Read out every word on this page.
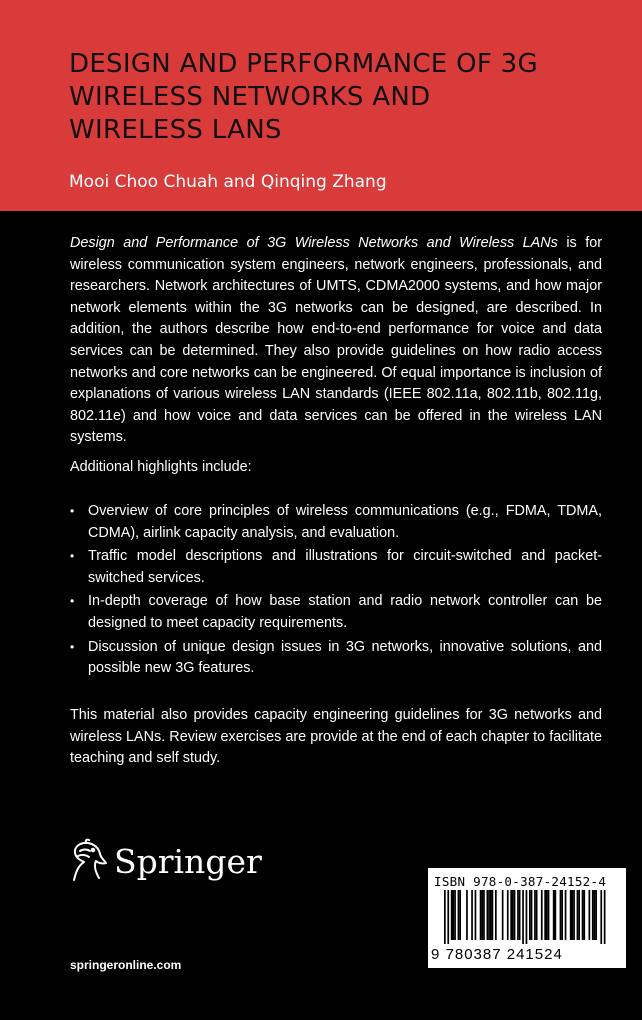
DESIGN AND PERFORMANCE OF 3G
WIRELESS NETWORKS AND
WIRELESS LANS

Mooi Choo Chuah and Qinqing Zhang

Design and Performance of 3G Wireless Networks and Wireless LANs is for wireless communication system engineers, network engineers, professionals, and researchers. Network architectures of UMTS, CDMA2000 systems, and how major network elements within the 3G networks can be designed, are described. In addition, the authors describe how end-to-end performance for voice and data services can be determined. They also provide guidelines on how radio access networks and core networks can be engineered. Of equal importance is inclusion of explanations of various wireless LAN standards (IEEE 802.11a, 802.11b, 802.11g, 802.11e) and how voice and data services can be offered in the wireless LAN systems.

Additional highlights include:

• Overview of core principles of wireless communications (e.g., FDMA, TDMA, CDMA), airlink capacity analysis, and evaluation.
• Traffic model descriptions and illustrations for circuit-switched and packet-switched services.
• In-depth coverage of how base station and radio network controller can be designed to meet capacity requirements.
• Discussion of unique design issues in 3G networks, innovative solutions, and possible new 3G features.

This material also provides capacity engineering guidelines for 3G networks and wireless LANs. Review exercises are provide at the end of each chapter to facilitate teaching and self study.

Springer
springeronline.com
ISBN 978-0-387-24152-4
9 780387 241524
